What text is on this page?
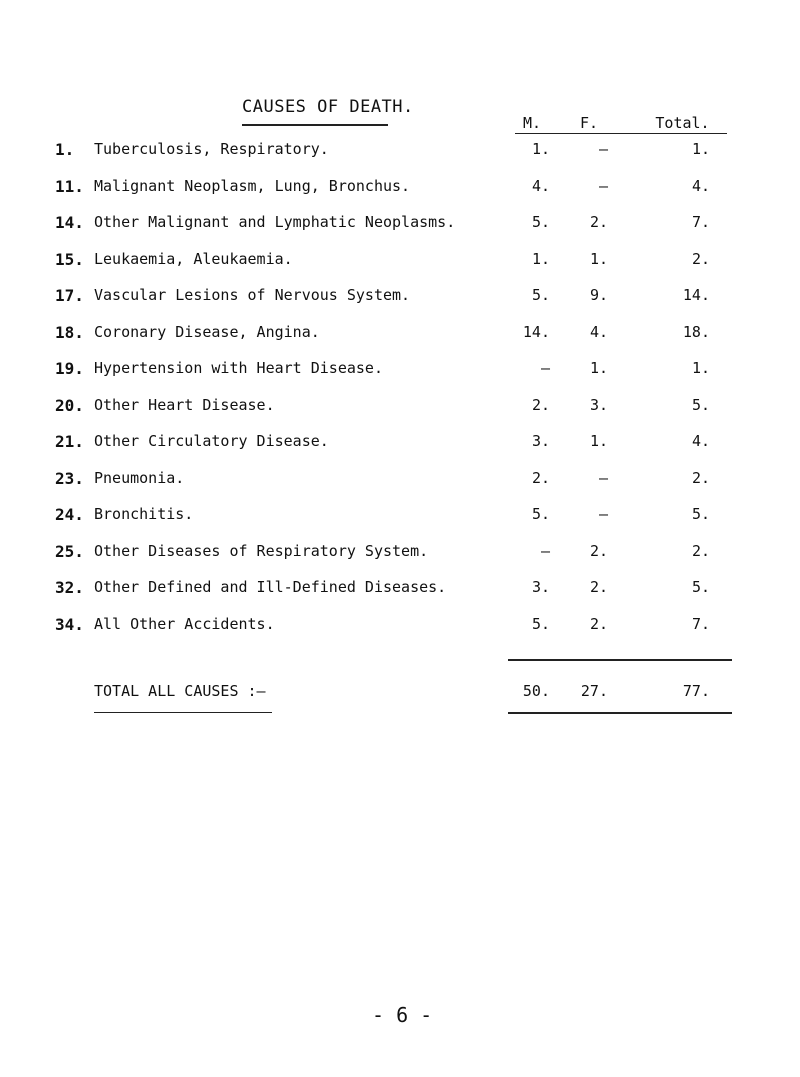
CAUSES OF DEATH.
M.	F.	Total.
1. Tuberculosis, Respiratory.	1.	–	1.
11. Malignant Neoplasm, Lung, Bronchus.	4.	–	4.
14. Other Malignant and Lymphatic Neoplasms.	5.	2.	7.
15. Leukaemia, Aleukaemia.	1.	1.	2.
17. Vascular Lesions of Nervous System.	5.	9.	14.
18. Coronary Disease, Angina.	14.	4.	18.
19. Hypertension with Heart Disease.	–	1.	1.
20. Other Heart Disease.	2.	3.	5.
21. Other Circulatory Disease.	3.	1.	4.
23. Pneumonia.	2.	–	2.
24. Bronchitis.	5.	–	5.
25. Other Diseases of Respiratory System.	–	2.	2.
32. Other Defined and Ill-Defined Diseases.	3.	2.	5.
34. All Other Accidents.	5.	2.	7.
TOTAL ALL CAUSES :—	50.	27.	77.
- 6 -
